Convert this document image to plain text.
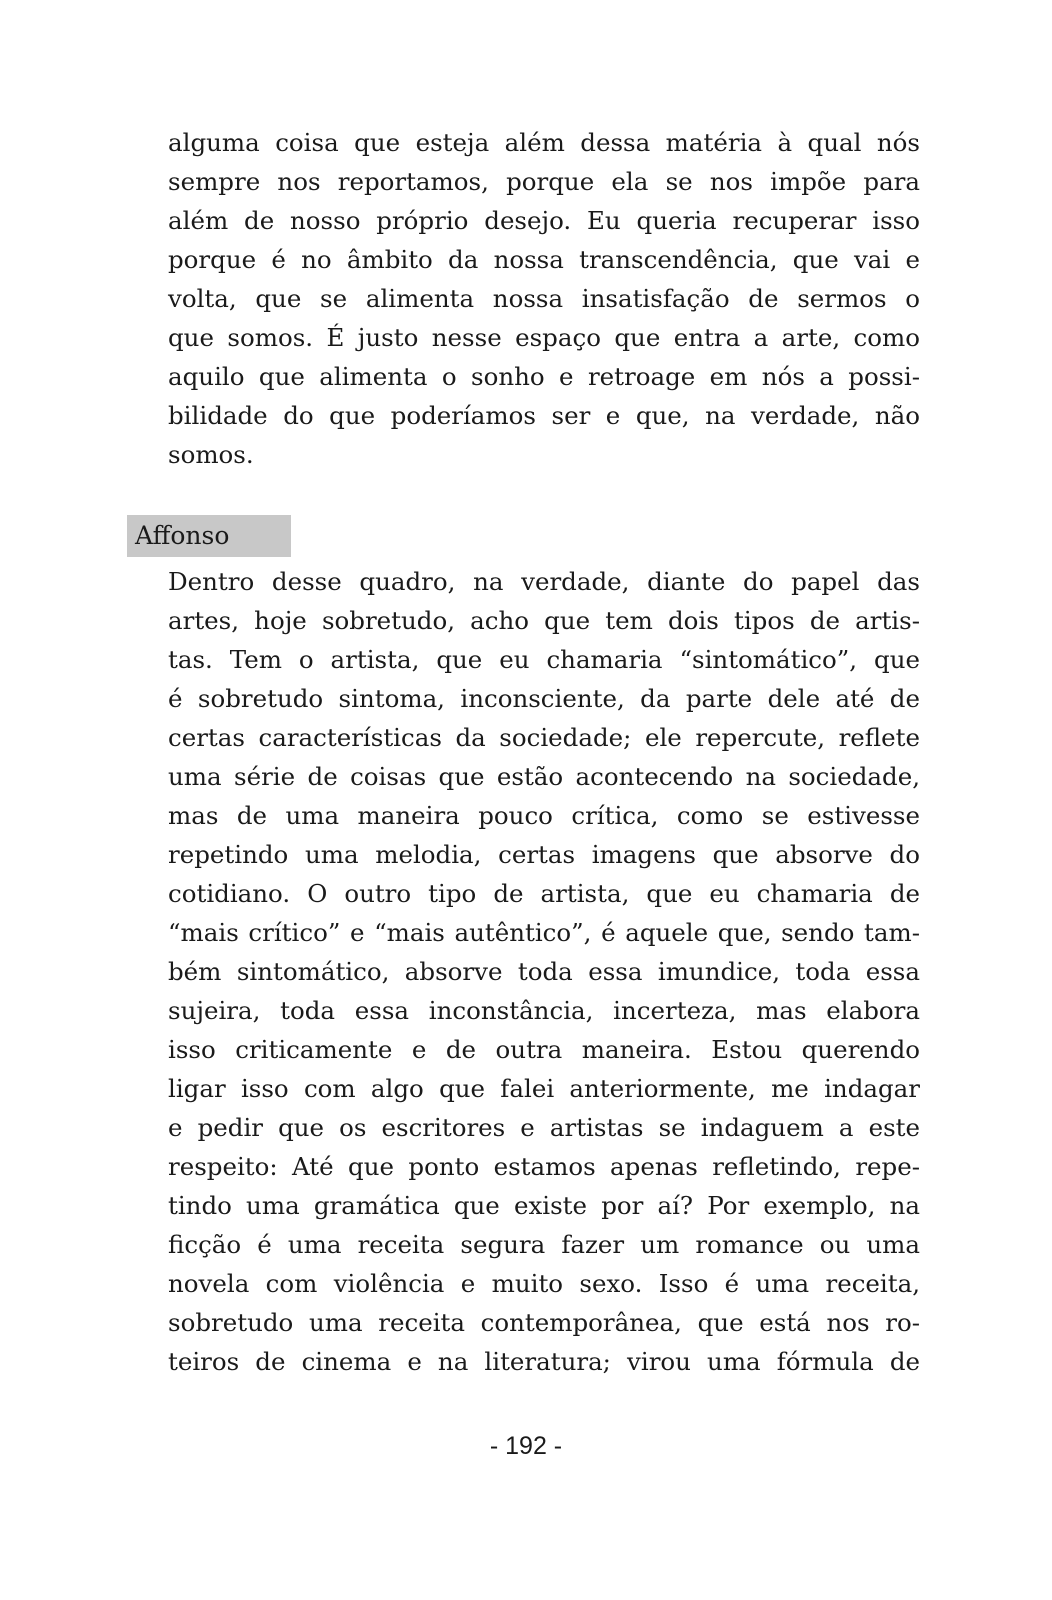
alguma coisa que esteja além dessa matéria à qual nós
sempre nos reportamos, porque ela se nos impõe para
além de nosso próprio desejo. Eu queria recuperar isso
porque é no âmbito da nossa transcendência, que vai e
volta, que se alimenta nossa insatisfação de sermos o
que somos. É justo nesse espaço que entra a arte, como
aquilo que alimenta o sonho e retroage em nós a possi-
bilidade do que poderíamos ser e que, na verdade, não
somos.
Affonso
Dentro desse quadro, na verdade, diante do papel das
artes, hoje sobretudo, acho que tem dois tipos de artis-
tas. Tem o artista, que eu chamaria “sintomático”, que
é sobretudo sintoma, inconsciente, da parte dele até de
certas características da sociedade; ele repercute, reflete
uma série de coisas que estão acontecendo na sociedade,
mas de uma maneira pouco crítica, como se estivesse
repetindo uma melodia, certas imagens que absorve do
cotidiano. O outro tipo de artista, que eu chamaria de
“mais crítico” e “mais autêntico”, é aquele que, sendo tam-
bém sintomático, absorve toda essa imundice, toda essa
sujeira, toda essa inconstância, incerteza, mas elabora
isso criticamente e de outra maneira. Estou querendo
ligar isso com algo que falei anteriormente, me indagar
e pedir que os escritores e artistas se indaguem a este
respeito: Até que ponto estamos apenas refletindo, repe-
tindo uma gramática que existe por aí? Por exemplo, na
ficção é uma receita segura fazer um romance ou uma
novela com violência e muito sexo. Isso é uma receita,
sobretudo uma receita contemporânea, que está nos ro-
teiros de cinema e na literatura; virou uma fórmula de
- 192 -
